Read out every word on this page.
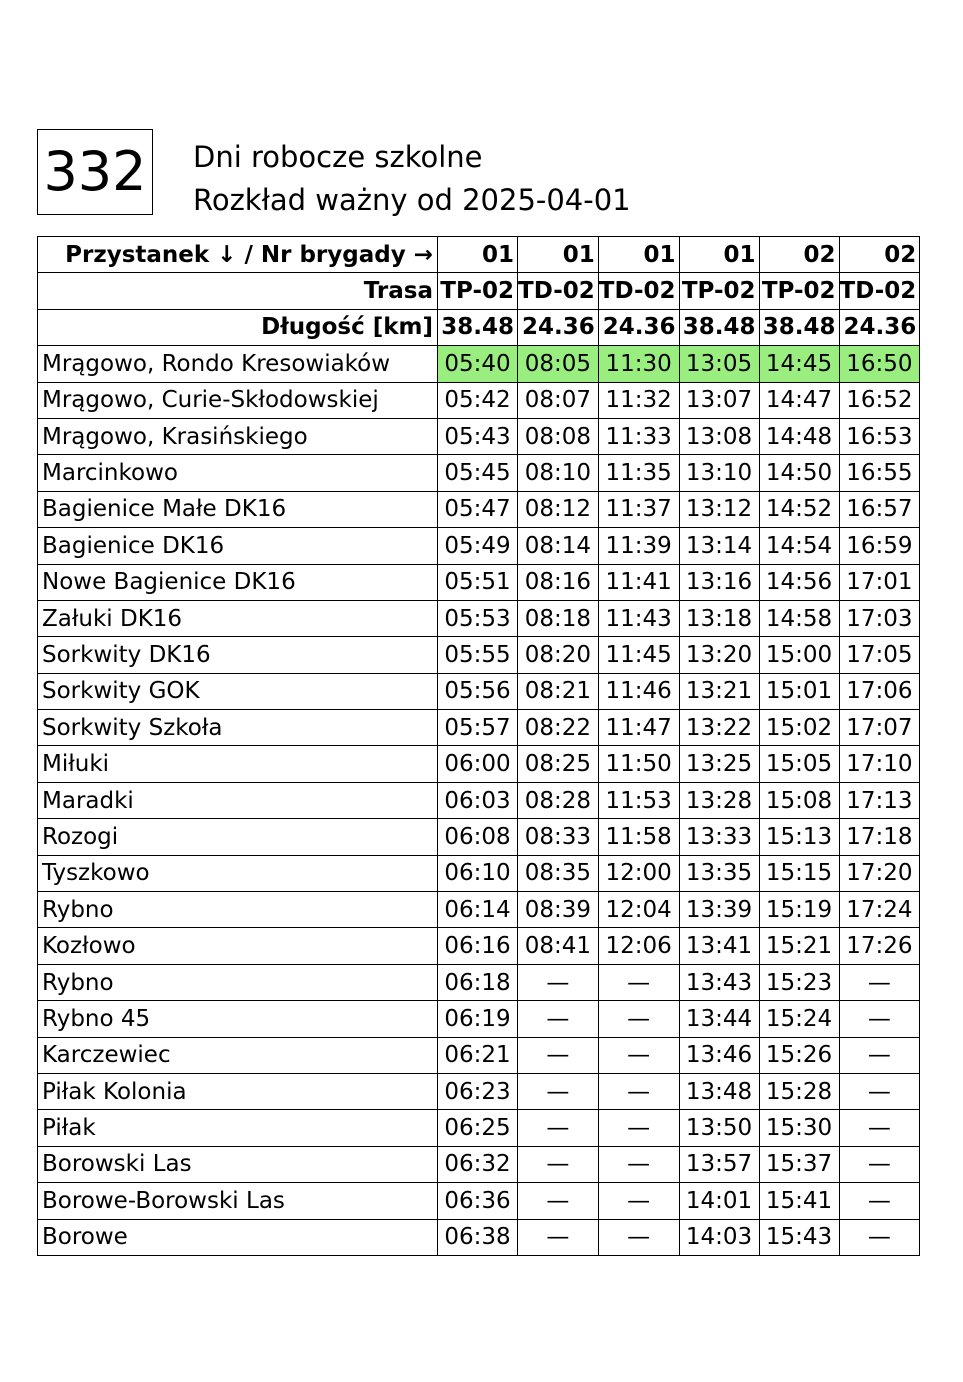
332 Dni robocze szkolne
Rozkład ważny od 2025-04-01
Przystanek ↓ / Nr brygady →	01	01	01	01	02	02
Trasa	TP-02	TD-02	TD-02	TP-02	TP-02	TD-02
Długość [km]	38.48	24.36	24.36	38.48	38.48	24.36
Mrągowo, Rondo Kresowiaków	05:40	08:05	11:30	13:05	14:45	16:50
Mrągowo, Curie-Skłodowskiej	05:42	08:07	11:32	13:07	14:47	16:52
Mrągowo, Krasińskiego	05:43	08:08	11:33	13:08	14:48	16:53
Marcinkowo	05:45	08:10	11:35	13:10	14:50	16:55
Bagienice Małe DK16	05:47	08:12	11:37	13:12	14:52	16:57
Bagienice DK16	05:49	08:14	11:39	13:14	14:54	16:59
Nowe Bagienice DK16	05:51	08:16	11:41	13:16	14:56	17:01
Załuki DK16	05:53	08:18	11:43	13:18	14:58	17:03
Sorkwity DK16	05:55	08:20	11:45	13:20	15:00	17:05
Sorkwity GOK	05:56	08:21	11:46	13:21	15:01	17:06
Sorkwity Szkoła	05:57	08:22	11:47	13:22	15:02	17:07
Miłuki	06:00	08:25	11:50	13:25	15:05	17:10
Maradki	06:03	08:28	11:53	13:28	15:08	17:13
Rozogi	06:08	08:33	11:58	13:33	15:13	17:18
Tyszkowo	06:10	08:35	12:00	13:35	15:15	17:20
Rybno	06:14	08:39	12:04	13:39	15:19	17:24
Kozłowo	06:16	08:41	12:06	13:41	15:21	17:26
Rybno	06:18	—	—	13:43	15:23	—
Rybno 45	06:19	—	—	13:44	15:24	—
Karczewiec	06:21	—	—	13:46	15:26	—
Piłak Kolonia	06:23	—	—	13:48	15:28	—
Piłak	06:25	—	—	13:50	15:30	—
Borowski Las	06:32	—	—	13:57	15:37	—
Borowe-Borowski Las	06:36	—	—	14:01	15:41	—
Borowe	06:38	—	—	14:03	15:43	—
